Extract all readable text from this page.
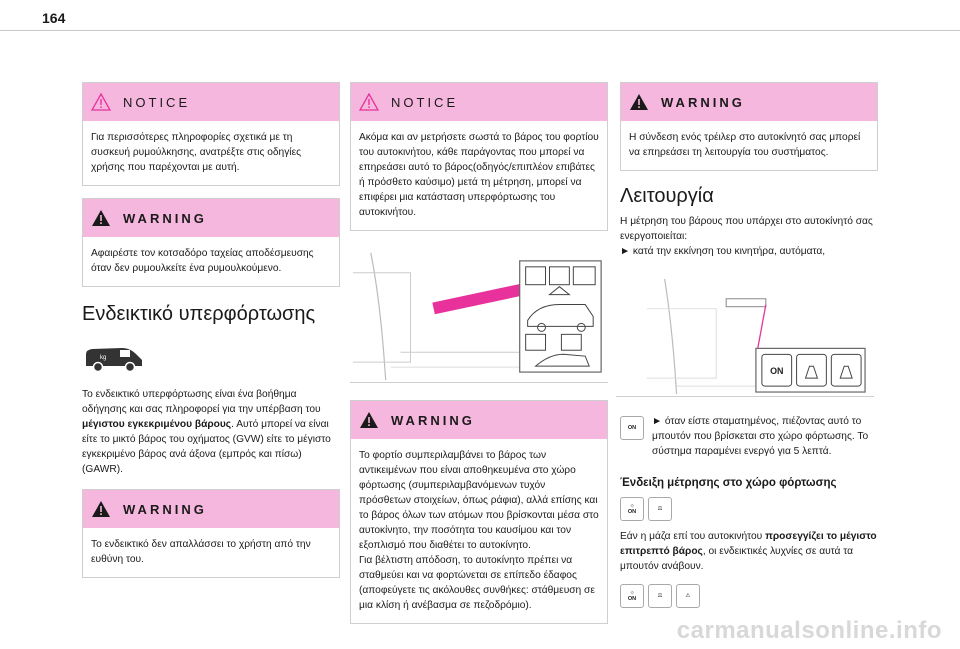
164
NOTICE
Για περισσότερες πληροφορίες σχετικά με τη συσκευή ρυμούλκησης, ανατρέξτε στις οδηγίες χρήσης που παρέχονται με αυτή.
WARNING
Αφαιρέστε τον κοτσαδόρο ταχείας αποδέσμευσης όταν δεν ρυμουλκείτε ένα ρυμουλκούμενο.
Ενδεικτικό υπερφόρτωσης
kg

Το ενδεικτικό υπερφόρτωσης είναι ένα βοήθημα οδήγησης και σας πληροφορεί για την υπέρβαση του μέγιστου εγκεκριμένου βάρους. Αυτό μπορεί να είναι είτε το μικτό βάρος του οχήματος (GVW) είτε το μέγιστο εγκεκριμένο βάρος ανά άξονα (εμπρός και πίσω) (GAWR).

WARNING
Το ενδεικτικό δεν απαλλάσσει το χρήστη από την ευθύνη του.
NOTICE
Ακόμα και αν μετρήσετε σωστά το βάρος του φορτίου του αυτοκινήτου, κάθε παράγοντας που μπορεί να επηρεάσει αυτό το βάρος(οδηγός/επιπλέον επιβάτες ή πρόσθετο καύσιμο) μετά τη μέτρηση, μπορεί να επιφέρει μια κατάσταση υπερφόρτωσης του αυτοκινήτου.
WARNING
Το φορτίο συμπεριλαμβάνει το βάρος των αντικειμένων που είναι αποθηκευμένα στο χώρο φόρτωσης (συμπεριλαμβανόμενων τυχόν πρόσθετων στοιχείων, όπως ράφια), αλλά επίσης και το βάρος όλων των ατόμων που βρίσκονται μέσα στο αυτοκίνητο, την ποσότητα του καυσίμου και τον εξοπλισμό που διαθέτει το αυτοκίνητο.
Για βέλτιστη απόδοση, το αυτοκίνητο πρέπει να σταθμεύει και να φορτώνεται σε επίπεδο έδαφος (αποφεύγετε τις ακόλουθες συνθήκες: στάθμευση σε μια κλίση ή ανέβασμα σε πεζοδρόμιο).
WARNING
Η σύνδεση ενός τρέιλερ στο αυτοκίνητό σας μπορεί να επηρεάσει τη λειτουργία του συστήματος.
Λειτουργία

Η μέτρηση του βάρους που υπάρχει στο αυτοκίνητό σας ενεργοποιείται:

► κατά την εκκίνηση του κινητήρα, αυτόματα,

ON
ON

► όταν είστε σταματημένος, πιέζοντας αυτό το μπουτόν που βρίσκεται στο χώρο φόρτωσης. Το σύστημα παραμένει ενεργό για 5 λεπτά.

Ένδειξη μέτρησης στο χώρο φόρτωσης
☼
ON	⚖

Εάν η μάζα επί του αυτοκινήτου προσεγγίζει το μέγιστο επιτρεπτό βάρος, οι ενδεικτικές λυχνίες σε αυτά τα μπουτόν ανάβουν.

☼
ON	⚖	⚠
carmanualsonline.info
